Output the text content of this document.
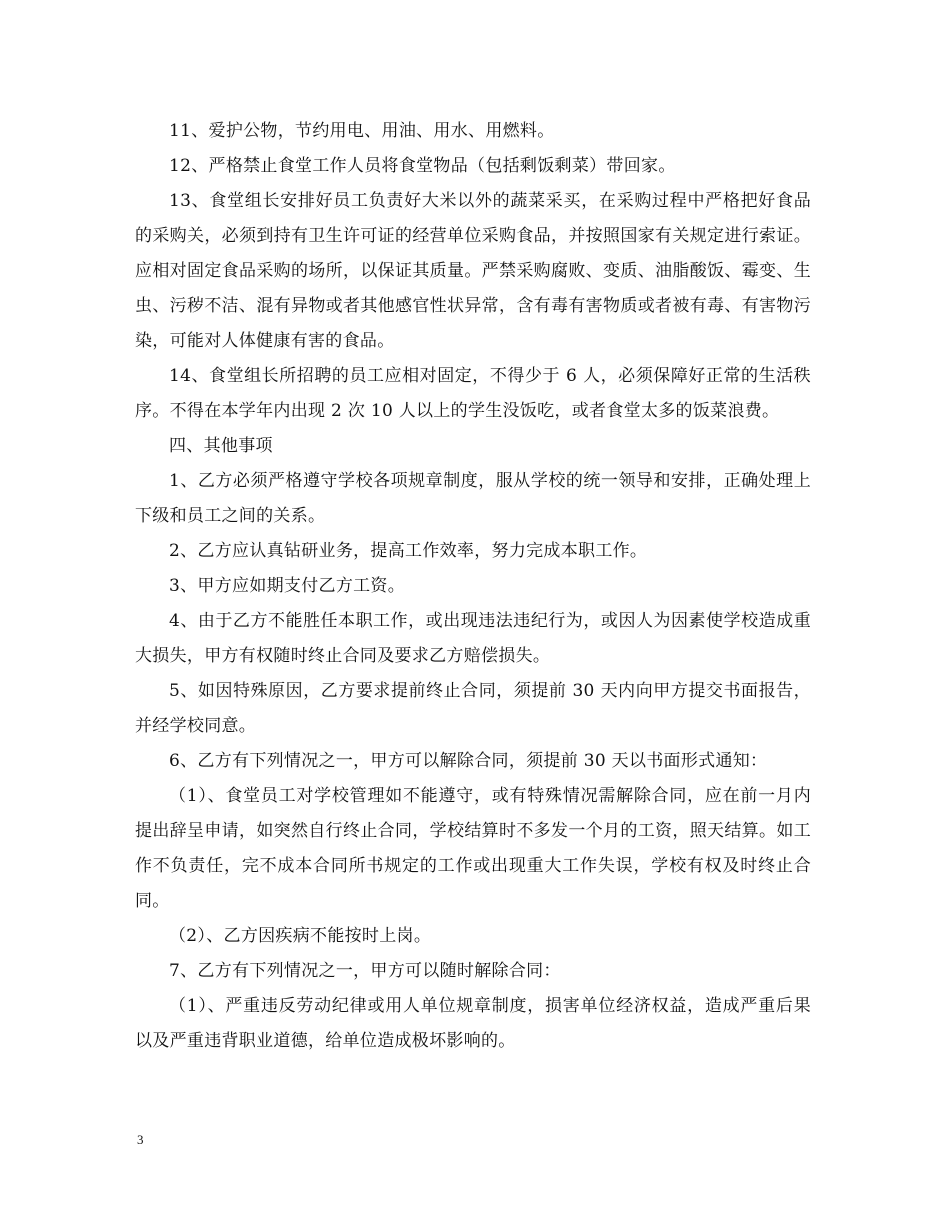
11、爱护公物，节约用电、用油、用水、用燃料。

12、严格禁止食堂工作人员将食堂物品（包括剩饭剩菜）带回家。

13、食堂组长安排好员工负责好大米以外的蔬菜采买，在采购过程中严格把好食品的采购关，必须到持有卫生许可证的经营单位采购食品，并按照国家有关规定进行索证。应相对固定食品采购的场所，以保证其质量。严禁采购腐败、变质、油脂酸饭、霉变、生虫、污秽不洁、混有异物或者其他感官性状异常，含有毒有害物质或者被有毒、有害物污染，可能对人体健康有害的食品。

14、食堂组长所招聘的员工应相对固定，不得少于 6 人，必须保障好正常的生活秩序。不得在本学年内出现 2 次 10 人以上的学生没饭吃，或者食堂太多的饭菜浪费。

四、其他事项

1、乙方必须严格遵守学校各项规章制度，服从学校的统一领导和安排，正确处理上下级和员工之间的关系。

2、乙方应认真钻研业务，提高工作效率，努力完成本职工作。

3、甲方应如期支付乙方工资。

4、由于乙方不能胜任本职工作，或出现违法违纪行为，或因人为因素使学校造成重大损失，甲方有权随时终止合同及要求乙方赔偿损失。

5、如因特殊原因，乙方要求提前终止合同，须提前 30 天内向甲方提交书面报告，并经学校同意。

6、乙方有下列情况之一，甲方可以解除合同，须提前 30 天以书面形式通知：

（1）、食堂员工对学校管理如不能遵守，或有特殊情况需解除合同，应在前一月内提出辞呈申请，如突然自行终止合同，学校结算时不多发一个月的工资，照天结算。如工作不负责任，完不成本合同所书规定的工作或出现重大工作失误，学校有权及时终止合同。

（2）、乙方因疾病不能按时上岗。

7、乙方有下列情况之一，甲方可以随时解除合同：

（1）、严重违反劳动纪律或用人单位规章制度，损害单位经济权益，造成严重后果以及严重违背职业道德，给单位造成极坏影响的。

3
